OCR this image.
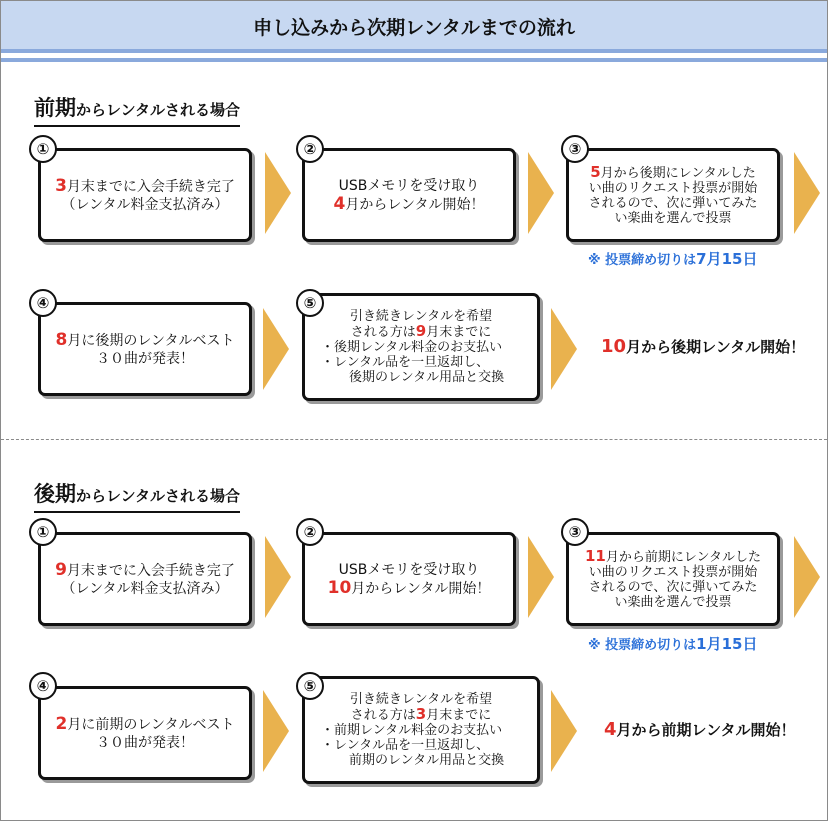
申し込みから次期レンタルまでの流れ
前期からレンタルされる場合
①
3月末までに入会手続き完了
（レンタル料金支払済み）
②
USBメモリを受け取り
4月からレンタル開始！
③
5月から後期にレンタルした
い曲のリクエスト投票が開始
されるので、次に弾いてみた
い楽曲を選んで投票
※ 投票締め切りは7月15日
④
8月に後期のレンタルベスト
３０曲が発表！
⑤
引き続きレンタルを希望
される方は9月末までに
・後期レンタル料金のお支払い
・レンタル品を一旦返却し、
後期のレンタル用品と交換
10月から後期レンタル開始！
後期からレンタルされる場合
①
9月末までに入会手続き完了
（レンタル料金支払済み）
②
USBメモリを受け取り
10月からレンタル開始！
③
11月から前期にレンタルした
い曲のリクエスト投票が開始
されるので、次に弾いてみた
い楽曲を選んで投票
※ 投票締め切りは1月15日
④
2月に前期のレンタルベスト
３０曲が発表！
⑤
引き続きレンタルを希望
される方は3月末までに
・前期レンタル料金のお支払い
・レンタル品を一旦返却し、
前期のレンタル用品と交換
4月から前期レンタル開始！
